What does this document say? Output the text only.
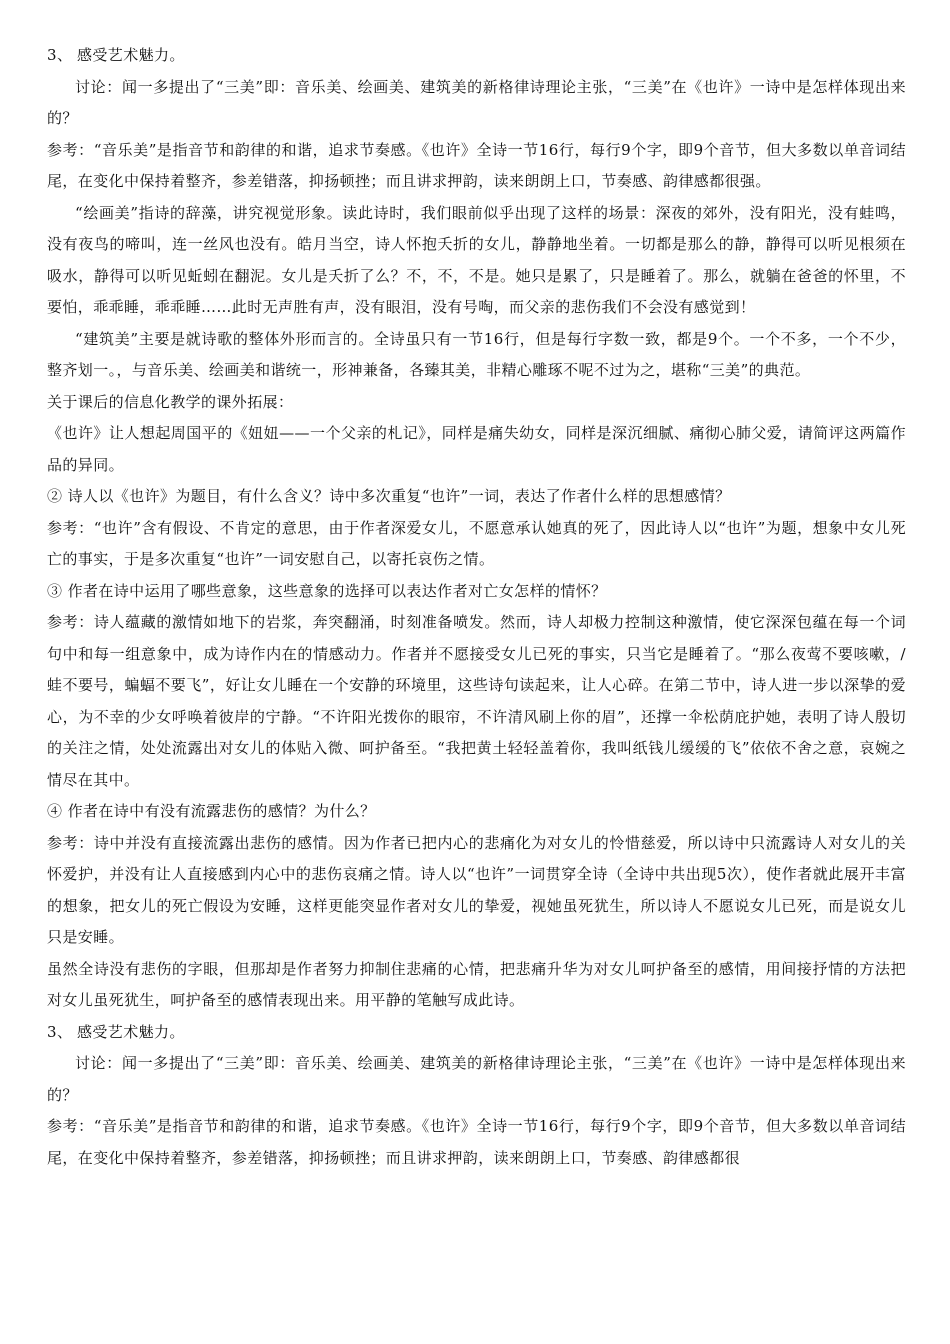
3、 感受艺术魅力。

讨论：闻一多提出了“三美”即：音乐美、绘画美、建筑美的新格律诗理论主张，“三美”在《也许》一诗中是怎样体现出来的？

参考：“音乐美”是指音节和韵律的和谐，追求节奏感。《也许》全诗一节16行，每行9个字，即9个音节，但大多数以单音词结尾，在变化中保持着整齐，参差错落，抑扬顿挫；而且讲求押韵，读来朗朗上口，节奏感、韵律感都很强。

“绘画美”指诗的辞藻，讲究视觉形象。读此诗时，我们眼前似乎出现了这样的场景：深夜的郊外，没有阳光，没有蛙鸣，没有夜鸟的啼叫，连一丝风也没有。皓月当空，诗人怀抱夭折的女儿，静静地坐着。一切都是那么的静，静得可以听见根须在吸水，静得可以听见蚯蚓在翻泥。女儿是夭折了么？不，不，不是。她只是累了，只是睡着了。那么，就躺在爸爸的怀里，不要怕，乖乖睡，乖乖睡……此时无声胜有声，没有眼泪，没有号啕，而父亲的悲伤我们不会没有感觉到！

“建筑美”主要是就诗歌的整体外形而言的。全诗虽只有一节16行，但是每行字数一致，都是9个。一个不多，一个不少，整齐划一。，与音乐美、绘画美和谐统一，形神兼备，各臻其美，非精心雕琢不呢不过为之，堪称“三美”的典范。

关于课后的信息化教学的课外拓展：

《也许》让人想起周国平的《妞妞——一个父亲的札记》，同样是痛失幼女，同样是深沉细腻、痛彻心肺父爱，请简评这两篇作品的异同。

② 诗人以《也许》为题目，有什么含义？诗中多次重复“也许”一词，表达了作者什么样的思想感情？

参考：“也许”含有假设、不肯定的意思，由于作者深爱女儿，不愿意承认她真的死了，因此诗人以“也许”为题，想象中女儿死亡的事实，于是多次重复“也许”一词安慰自己，以寄托哀伤之情。

③ 作者在诗中运用了哪些意象，这些意象的选择可以表达作者对亡女怎样的情怀？

参考：诗人蕴藏的激情如地下的岩浆，奔突翻涌，时刻准备喷发。然而，诗人却极力控制这种激情，使它深深包蕴在每一个词句中和每一组意象中，成为诗作内在的情感动力。作者并不愿接受女儿已死的事实，只当它是睡着了。“那么夜莺不要咳嗽，/蛙不要号，蝙蝠不要飞”，好让女儿睡在一个安静的环境里，这些诗句读起来，让人心碎。在第二节中，诗人进一步以深挚的爱心，为不幸的少女呼唤着彼岸的宁静。“不许阳光拨你的眼帘，不许清风刷上你的眉”，还撑一伞松荫庇护她，表明了诗人殷切的关注之情，处处流露出对女儿的体贴入微、呵护备至。“我把黄土轻轻盖着你，我叫纸钱儿缓缓的飞”依依不舍之意，哀婉之情尽在其中。

④ 作者在诗中有没有流露悲伤的感情？为什么？

参考：诗中并没有直接流露出悲伤的感情。因为作者已把内心的悲痛化为对女儿的怜惜慈爱，所以诗中只流露诗人对女儿的关怀爱护，并没有让人直接感到内心中的悲伤哀痛之情。诗人以“也许”一词贯穿全诗（全诗中共出现5次），使作者就此展开丰富的想象，把女儿的死亡假设为安睡，这样更能突显作者对女儿的挚爱，视她虽死犹生，所以诗人不愿说女儿已死，而是说女儿只是安睡。

虽然全诗没有悲伤的字眼，但那却是作者努力抑制住悲痛的心情，把悲痛升华为对女儿呵护备至的感情，用间接抒情的方法把对女儿虽死犹生，呵护备至的感情表现出来。用平静的笔触写成此诗。

3、 感受艺术魅力。

讨论：闻一多提出了“三美”即：音乐美、绘画美、建筑美的新格律诗理论主张，“三美”在《也许》一诗中是怎样体现出来的？

参考：“音乐美”是指音节和韵律的和谐，追求节奏感。《也许》全诗一节16行，每行9个字，即9个音节，但大多数以单音词结尾，在变化中保持着整齐，参差错落，抑扬顿挫；而且讲求押韵，读来朗朗上口，节奏感、韵律感都很
